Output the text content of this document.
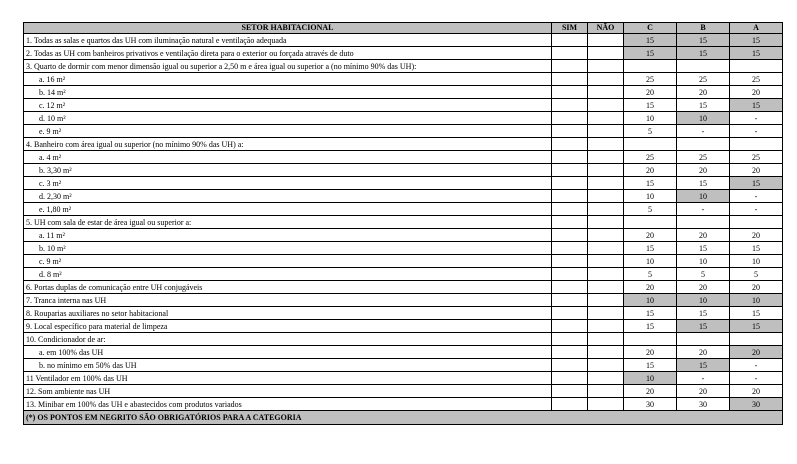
SETOR HABITACIONAL	SIM	NÃO	C	B	A
1. Todas as salas e quartos das UH com iluminação natural e ventilação adequada			15	15	15
2. Todas as UH com banheiros privativos e ventilação direta para o exterior ou forçada através de duto			15	15	15
3. Quarto de dormir com menor dimensão igual ou superior a 2,50 m e área igual ou superior a (no mínimo 90% das UH):					
a. 16 m²			25	25	25
b. 14 m²			20	20	20
c. 12 m²			15	15	15
d. 10 m²			10	10	-
e. 9 m²			5	-	-
4. Banheiro com área igual ou superior (no mínimo 90% das UH) a:					
a. 4 m²			25	25	25
b. 3,30 m²			20	20	20
c. 3 m²			15	15	15
d. 2,30 m²			10	10	-
e. 1,80 m²			5	-	-
5. UH com sala de estar de área igual ou superior a:					
a. 11 m²			20	20	20
b. 10 m²			15	15	15
c. 9 m²			10	10	10
d. 8 m²			5	5	5
6. Portas duplas de comunicação entre UH conjugáveis			20	20	20
7. Tranca interna nas UH			10	10	10
8. Rouparias auxiliares no setor habitacional			15	15	15
9. Local específico para material de limpeza			15	15	15
10. Condicionador de ar:					
a. em 100% das UH			20	20	20
b. no mínimo em 50% das UH			15	15	-
11 Ventilador em 100% das UH			10	-	-
12. Som ambiente nas UH			20	20	20
13. Minibar em 100% das UH e abastecidos com produtos variados			30	30	30
(*) OS PONTOS EM NEGRITO SÃO OBRIGATÓRIOS PARA A CATEGORIA					
